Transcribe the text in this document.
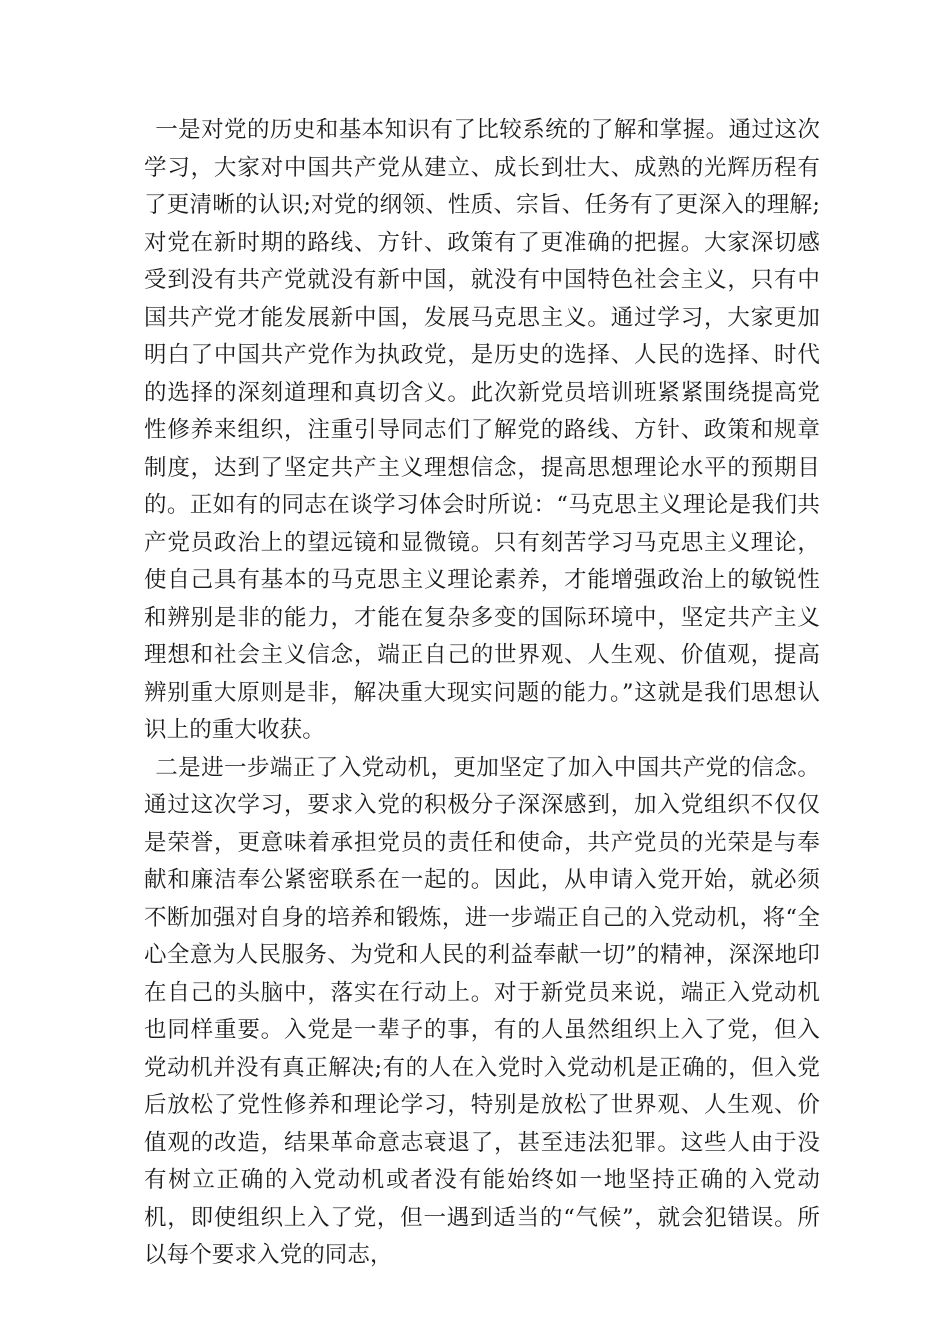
一是对党的历史和基本知识有了比较系统的了解和掌握。通过这次学习，大家对中国共产党从建立、成长到壮大、成熟的光辉历程有了更清晰的认识;对党的纲领、性质、宗旨、任务有了更深入的理解;对党在新时期的路线、方针、政策有了更准确的把握。大家深切感受到没有共产党就没有新中国，就没有中国特色社会主义，只有中国共产党才能发展新中国，发展马克思主义。通过学习，大家更加明白了中国共产党作为执政党，是历史的选择、人民的选择、时代的选择的深刻道理和真切含义。此次新党员培训班紧紧围绕提高党性修养来组织，注重引导同志们了解党的路线、方针、政策和规章制度，达到了坚定共产主义理想信念，提高思想理论水平的预期目的。正如有的同志在谈学习体会时所说：“马克思主义理论是我们共产党员政治上的望远镜和显微镜。只有刻苦学习马克思主义理论，使自己具有基本的马克思主义理论素养，才能增强政治上的敏锐性和辨别是非的能力，才能在复杂多变的国际环境中，坚定共产主义理想和社会主义信念，端正自己的世界观、人生观、价值观，提高辨别重大原则是非，解决重大现实问题的能力。”这就是我们思想认识上的重大收获。

二是进一步端正了入党动机，更加坚定了加入中国共产党的信念。通过这次学习，要求入党的积极分子深深感到，加入党组织不仅仅是荣誉，更意味着承担党员的责任和使命，共产党员的光荣是与奉献和廉洁奉公紧密联系在一起的。因此，从申请入党开始，就必须不断加强对自身的培养和锻炼，进一步端正自己的入党动机，将“全心全意为人民服务、为党和人民的利益奉献一切”的精神，深深地印在自己的头脑中，落实在行动上。对于新党员来说，端正入党动机也同样重要。入党是一辈子的事，有的人虽然组织上入了党，但入党动机并没有真正解决;有的人在入党时入党动机是正确的，但入党后放松了党性修养和理论学习，特别是放松了世界观、人生观、价值观的改造，结果革命意志衰退了，甚至违法犯罪。这些人由于没有树立正确的入党动机或者没有能始终如一地坚持正确的入党动机，即使组织上入了党，但一遇到适当的“气候”，就会犯错误。所以每个要求入党的同志，
